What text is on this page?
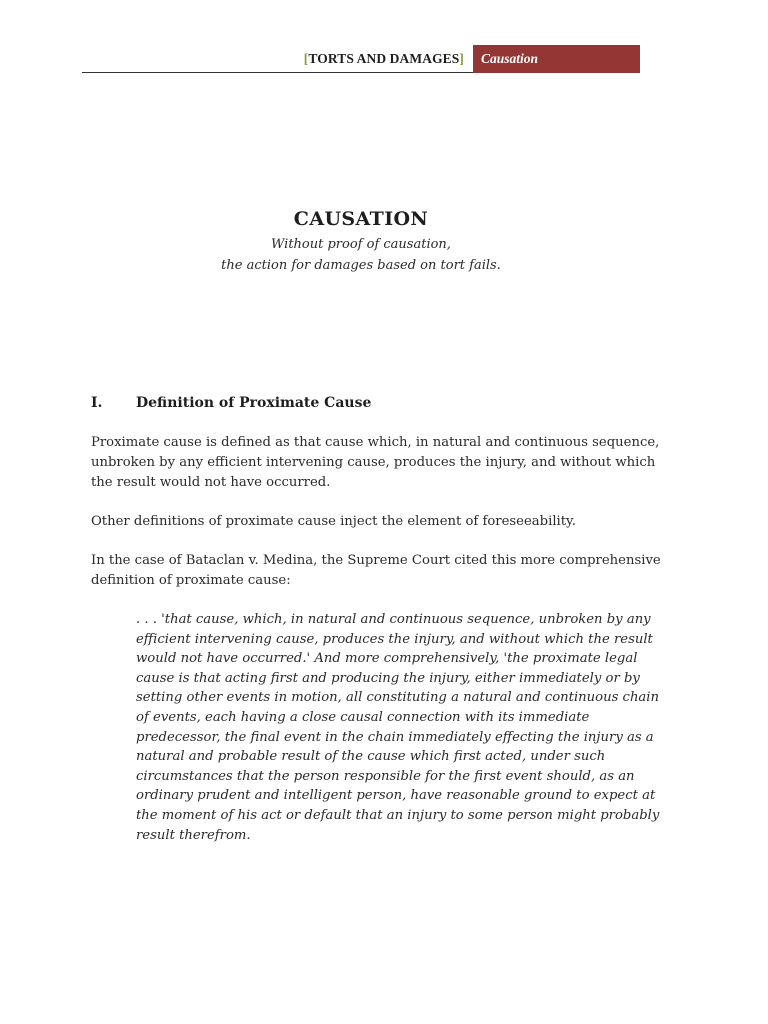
[TORTS AND DAMAGES] Causation
CAUSATION
Without proof of causation,
the action for damages based on tort fails.
I. Definition of Proximate Cause
Proximate cause is defined as that cause which, in natural and continuous sequence, unbroken by any efficient intervening cause, produces the injury, and without which the result would not have occurred.
Other definitions of proximate cause inject the element of foreseeability.
In the case of Bataclan v. Medina, the Supreme Court cited this more comprehensive definition of proximate cause:
. . . 'that cause, which, in natural and continuous sequence, unbroken by any efficient intervening cause, produces the injury, and without which the result would not have occurred.' And more comprehensively, 'the proximate legal cause is that acting first and producing the injury, either immediately or by setting other events in motion, all constituting a natural and continuous chain of events, each having a close causal connection with its immediate predecessor, the final event in the chain immediately effecting the injury as a natural and probable result of the cause which first acted, under such circumstances that the person responsible for the first event should, as an ordinary prudent and intelligent person, have reasonable ground to expect at the moment of his act or default that an injury to some person might probably result therefrom.
